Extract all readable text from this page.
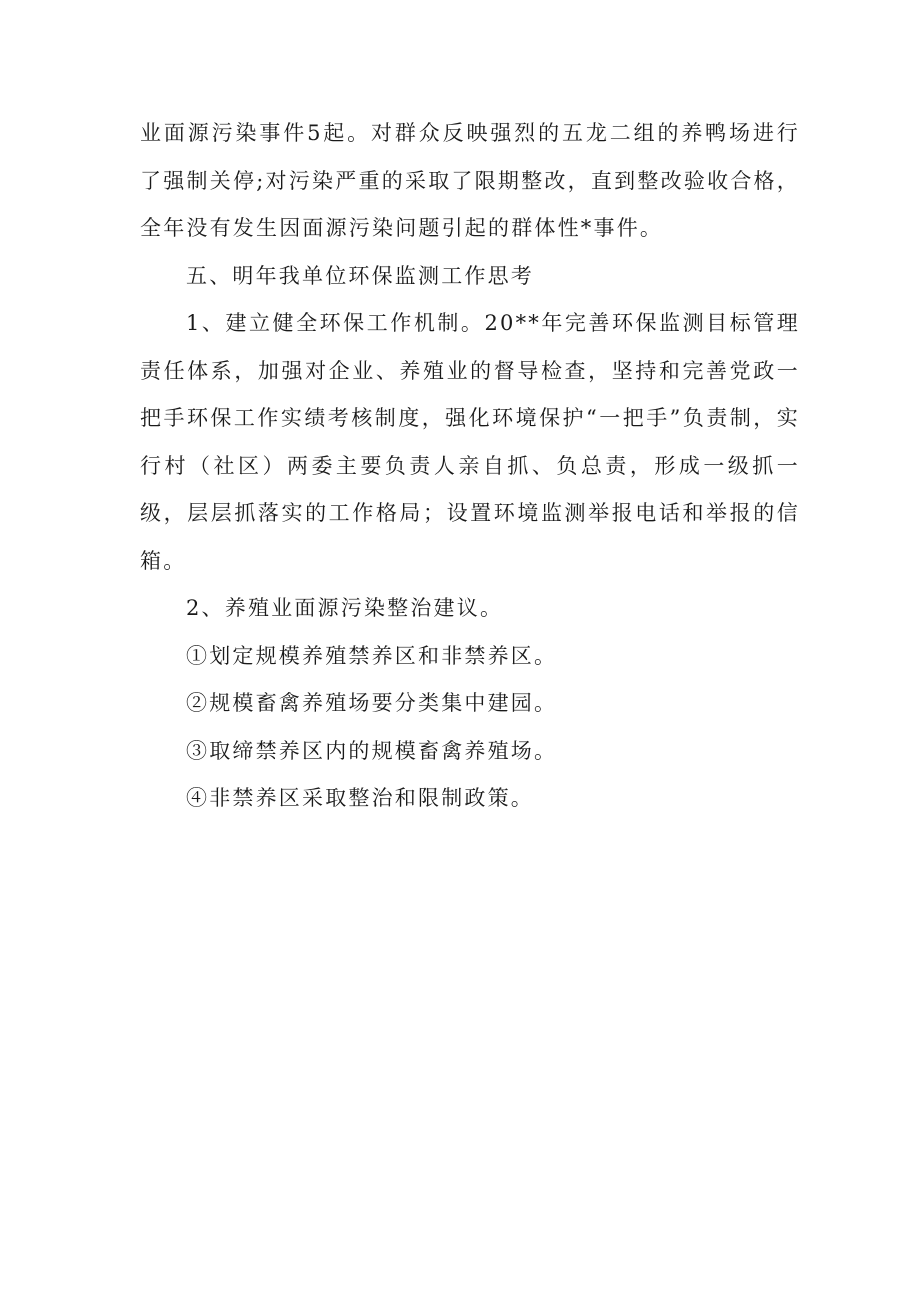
业面源污染事件5起。对群众反映强烈的五龙二组的养鸭场进行了强制关停;对污染严重的采取了限期整改，直到整改验收合格，全年没有发生因面源污染问题引起的群体性*事件。

五、明年我单位环保监测工作思考

1、建立健全环保工作机制。20**年完善环保监测目标管理责任体系，加强对企业、养殖业的督导检查，坚持和完善党政一把手环保工作实绩考核制度，强化环境保护“一把手”负责制，实行村（社区）两委主要负责人亲自抓、负总责，形成一级抓一级，层层抓落实的工作格局；设置环境监测举报电话和举报的信箱。

2、养殖业面源污染整治建议。

①划定规模养殖禁养区和非禁养区。

②规模畜禽养殖场要分类集中建园。

③取缔禁养区内的规模畜禽养殖场。

④非禁养区采取整治和限制政策。
